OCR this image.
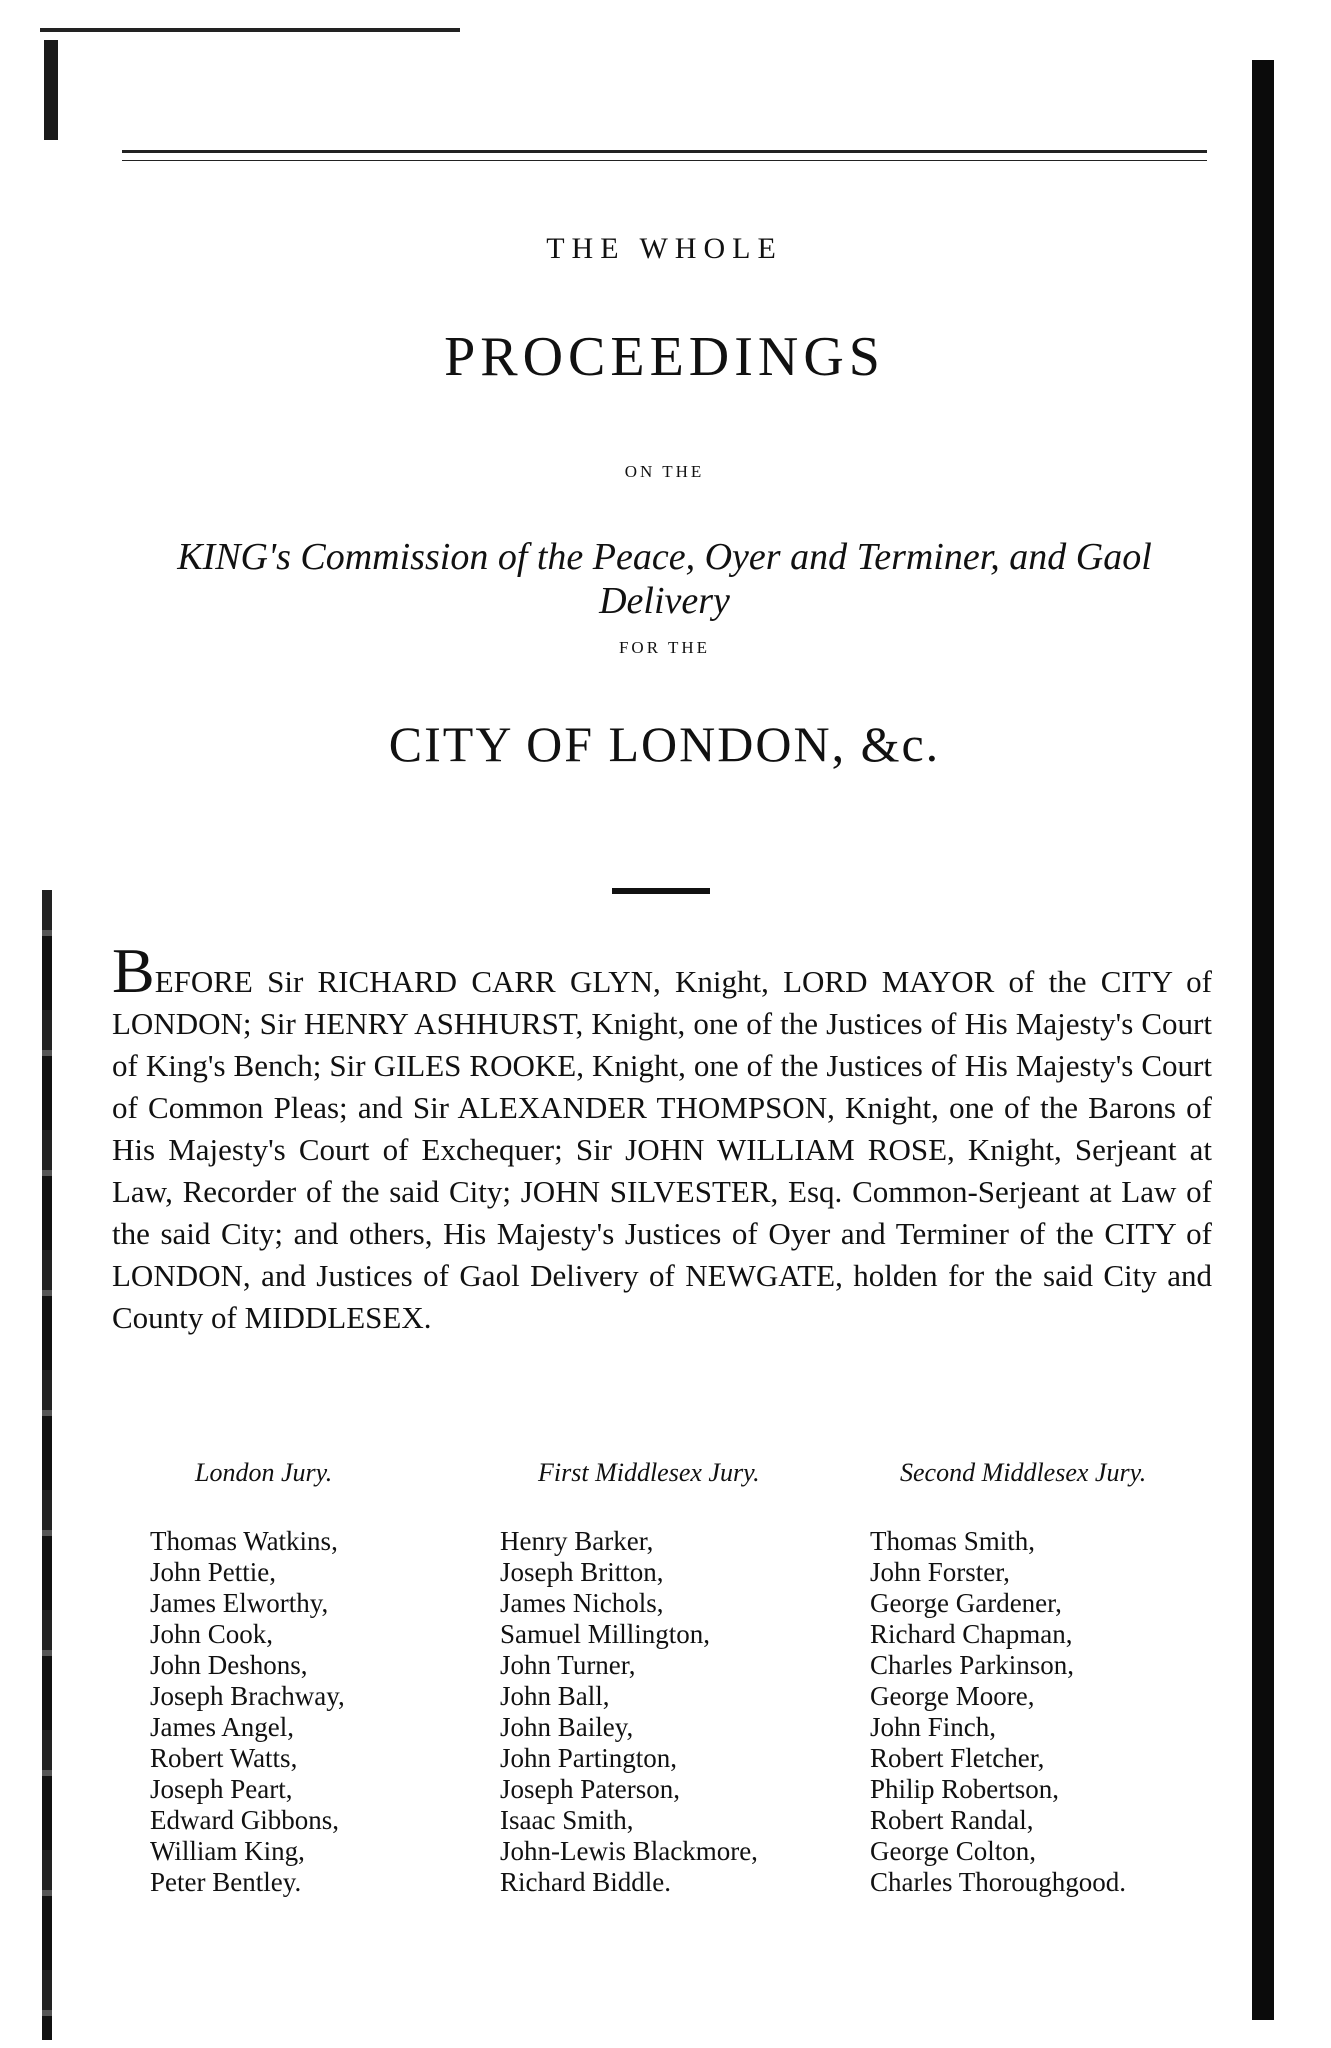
THE WHOLE
PROCEEDINGS
ON THE
KING's Commission of the Peace, Oyer and Terminer, and Gaol Delivery
FOR THE
CITY OF LONDON, &c.
BEFORE Sir RICHARD CARR GLYN, Knight, LORD MAYOR of the CITY of LONDON; Sir HENRY ASHHURST, Knight, one of the Justices of His Majesty's Court of King's Bench; Sir GILES ROOKE, Knight, one of the Justices of His Majesty's Court of Common Pleas; and Sir ALEXANDER THOMPSON, Knight, one of the Barons of His Majesty's Court of Exchequer; Sir JOHN WILLIAM ROSE, Knight, Serjeant at Law, Recorder of the said City; JOHN SILVESTER, Esq. Common-Serjeant at Law of the said City; and others, His Majesty's Justices of Oyer and Terminer of the CITY of LONDON, and Justices of Gaol Delivery of NEWGATE, holden for the said City and County of MIDDLESEX.
London Jury.
Thomas Watkins,
John Pettie,
James Elworthy,
John Cook,
John Deshons,
Joseph Brachway,
James Angel,
Robert Watts,
Joseph Peart,
Edward Gibbons,
William King,
Peter Bentley.
First Middlesex Jury.
Henry Barker,
Joseph Britton,
James Nichols,
Samuel Millington,
John Turner,
John Ball,
John Bailey,
John Partington,
Joseph Paterson,
Isaac Smith,
John-Lewis Blackmore,
Richard Biddle.
Second Middlesex Jury.
Thomas Smith,
John Forster,
George Gardener,
Richard Chapman,
Charles Parkinson,
George Moore,
John Finch,
Robert Fletcher,
Philip Robertson,
Robert Randal,
George Colton,
Charles Thoroughgood.
